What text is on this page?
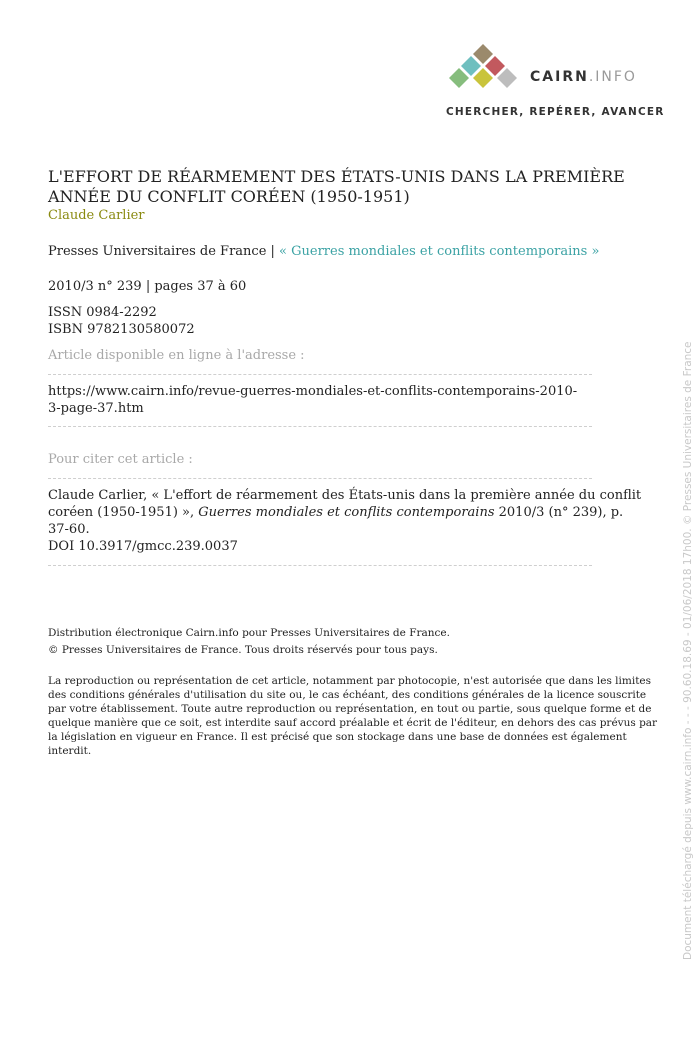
CAIRN.INFO
CHERCHER, REPÉRER, AVANCER
L'EFFORT DE RÉARMEMENT DES ÉTATS-UNIS DANS LA PREMIÈRE ANNÉE DU CONFLIT CORÉEN (1950-1951)
Claude Carlier
Presses Universitaires de France | « Guerres mondiales et conflits contemporains »
2010/3 n° 239 | pages 37 à 60
ISSN 0984-2292
ISBN 9782130580072
Article disponible en ligne à l'adresse :
https://www.cairn.info/revue-guerres-mondiales-et-conflits-contemporains-2010-3-page-37.htm
Pour citer cet article :
Claude Carlier, « L'effort de réarmement des États-unis dans la première année du conflit coréen (1950-1951) », Guerres mondiales et conflits contemporains 2010/3 (n° 239), p. 37-60.
DOI 10.3917/gmcc.239.0037
Distribution électronique Cairn.info pour Presses Universitaires de France.
© Presses Universitaires de France. Tous droits réservés pour tous pays.
La reproduction ou représentation de cet article, notamment par photocopie, n'est autorisée que dans les limites des conditions générales d'utilisation du site ou, le cas échéant, des conditions générales de la licence souscrite par votre établissement. Toute autre reproduction ou représentation, en tout ou partie, sous quelque forme et de quelque manière que ce soit, est interdite sauf accord préalable et écrit de l'éditeur, en dehors des cas prévus par la législation en vigueur en France. Il est précisé que son stockage dans une base de données est également interdit.	Document téléchargé depuis www.cairn.info - - - 90.60.18.69 - 01/06/2018 17h00. © Presses Universitaires de France
